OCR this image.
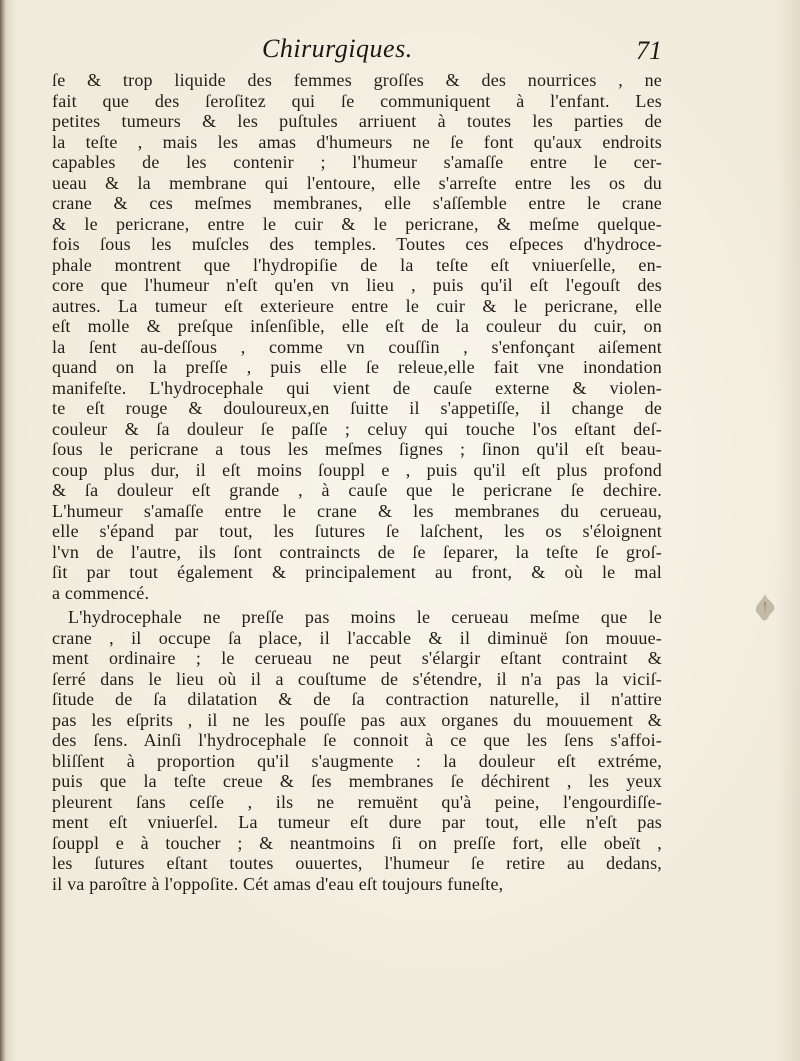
Chirurgiques.	71

ſe & trop liquide des femmes groſſes & des nourrices , ne
fait que des ſeroſitez qui ſe communiquent à l'enfant. Les
petites tumeurs & les puſtules arriuent à toutes les parties de
la teſte , mais les amas d'humeurs ne ſe font qu'aux endroits
capables de les contenir ; l'humeur s'amaſſe entre le cer-
ueau & la membrane qui l'entoure, elle s'arreſte entre les os du
crane & ces meſmes membranes, elle s'aſſemble entre le crane
& le pericrane, entre le cuir & le pericrane, & meſme quelque-
fois ſous les muſcles des temples. Toutes ces eſpeces d'hydroce-
phale montrent que l'hydropiſie de la teſte eſt vniuerſelle, en-
core que l'humeur n'eſt qu'en vn lieu , puis qu'il eſt l'egouſt des
autres. La tumeur eſt exterieure entre le cuir & le pericrane, elle
eſt molle & preſque inſenſible, elle eſt de la couleur du cuir, on
la ſent au-deſſous , comme vn couſſin , s'enfonçant aiſement
quand on la preſſe , puis elle ſe releue,elle fait vne inondation
manifeſte. L'hydrocephale qui vient de cauſe externe & violen-
te eſt rouge & douloureux,en ſuitte il s'appetiſſe, il change de
couleur & ſa douleur ſe paſſe ; celuy qui touche l'os eſtant deſ-
ſous le pericrane a tous les meſmes ſignes ; ſinon qu'il eſt beau-
coup plus dur, il eſt moins ſouppl e , puis qu'il eſt plus profond
& ſa douleur eſt grande , à cauſe que le pericrane ſe dechire.
L'humeur s'amaſſe entre le crane & les membranes du cerueau,
elle s'épand par tout, les ſutures ſe laſchent, les os s'éloignent
l'vn de l'autre, ils ſont contraincts de ſe ſeparer, la teſte ſe groſ-
ſit par tout également & principalement au front, & où le mal
a commencé.

L'hydrocephale ne preſſe pas moins le cerueau meſme que le
crane , il occupe ſa place, il l'accable & il diminuë ſon mouue-
ment ordinaire ; le cerueau ne peut s'élargir eſtant contraint &
ſerré dans le lieu où il a couſtume de s'étendre, il n'a pas la viciſ-
ſitude de ſa dilatation & de ſa contraction naturelle, il n'attire
pas les eſprits , il ne les pouſſe pas aux organes du mouuement &
des ſens. Ainſi l'hydrocephale ſe connoit à ce que les ſens s'affoi-
bliſſent à proportion qu'il s'augmente : la douleur eſt extréme,
puis que la teſte creue & ſes membranes ſe déchirent , les yeux
pleurent ſans ceſſe , ils ne remuënt qu'à peine, l'engourdiſſe-
ment eſt vniuerſel. La tumeur eſt dure par tout, elle n'eſt pas
ſouppl e à toucher ; & neantmoins ſi on preſſe fort, elle obeït ,
les ſutures eſtant toutes ouuertes, l'humeur ſe retire au dedans,
il va paroître à l'oppoſite. Cét amas d'eau eſt toujours funeſte,
